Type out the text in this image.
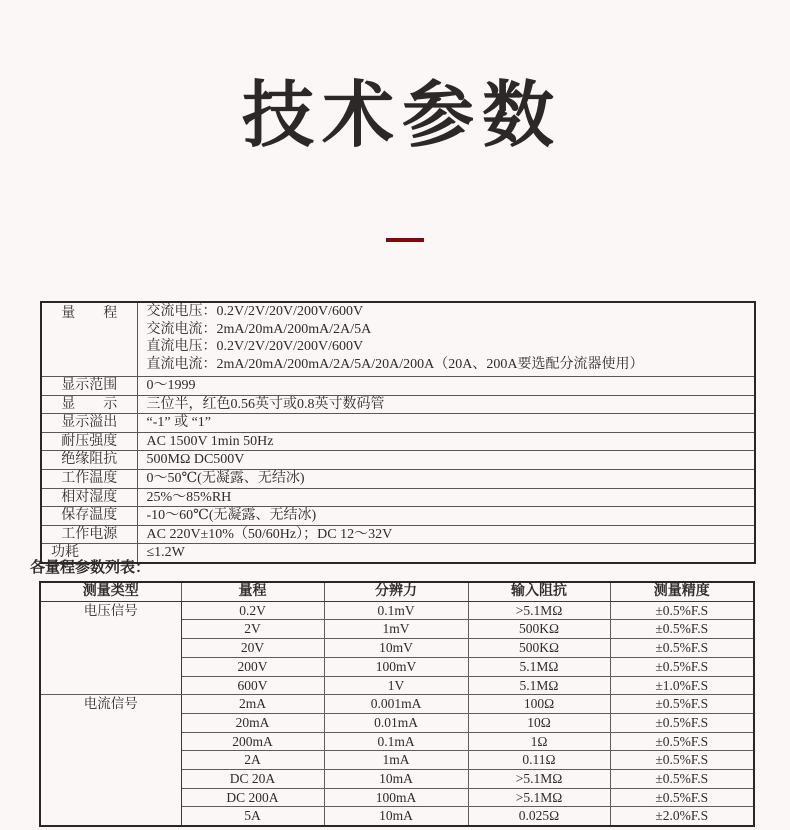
技术参数
量　　程	交流电压：0.2V/2V/20V/200V/600V
交流电流：2mA/20mA/200mA/2A/5A
直流电压：0.2V/2V/20V/200V/600V
直流电流：2mA/20mA/200mA/2A/5A/20A/200A（20A、200A要选配分流器使用）

显示范围	0～1999
显　　示	三位半，红色0.56英寸或0.8英寸数码管
显示溢出	“-1” 或 “1”
耐压强度	AC 1500V 1min 50Hz
绝缘阻抗	500MΩ DC500V
工作温度	0～50℃(无凝露、无结冰)
相对湿度	25%～85%RH
保存温度	-10～60℃(无凝露、无结冰)
工作电源	AC 220V±10%（50/60Hz）；DC 12～32V
功耗	≤1.2W
各量程参数列表：
测量类型	量程	分辨力	输入阻抗	测量精度
电压信号	0.2V	0.1mV	>5.1MΩ	±0.5%F.S
	2V	1mV	500KΩ	±0.5%F.S
	20V	10mV	500KΩ	±0.5%F.S
	200V	100mV	5.1MΩ	±0.5%F.S
	600V	1V	5.1MΩ	±1.0%F.S
电流信号	2mA	0.001mA	100Ω	±0.5%F.S
	20mA	0.01mA	10Ω	±0.5%F.S
	200mA	0.1mA	1Ω	±0.5%F.S
	2A	1mA	0.11Ω	±0.5%F.S
	DC 20A	10mA	>5.1MΩ	±0.5%F.S
	DC 200A	100mA	>5.1MΩ	±0.5%F.S
	5A	10mA	0.025Ω	±2.0%F.S
